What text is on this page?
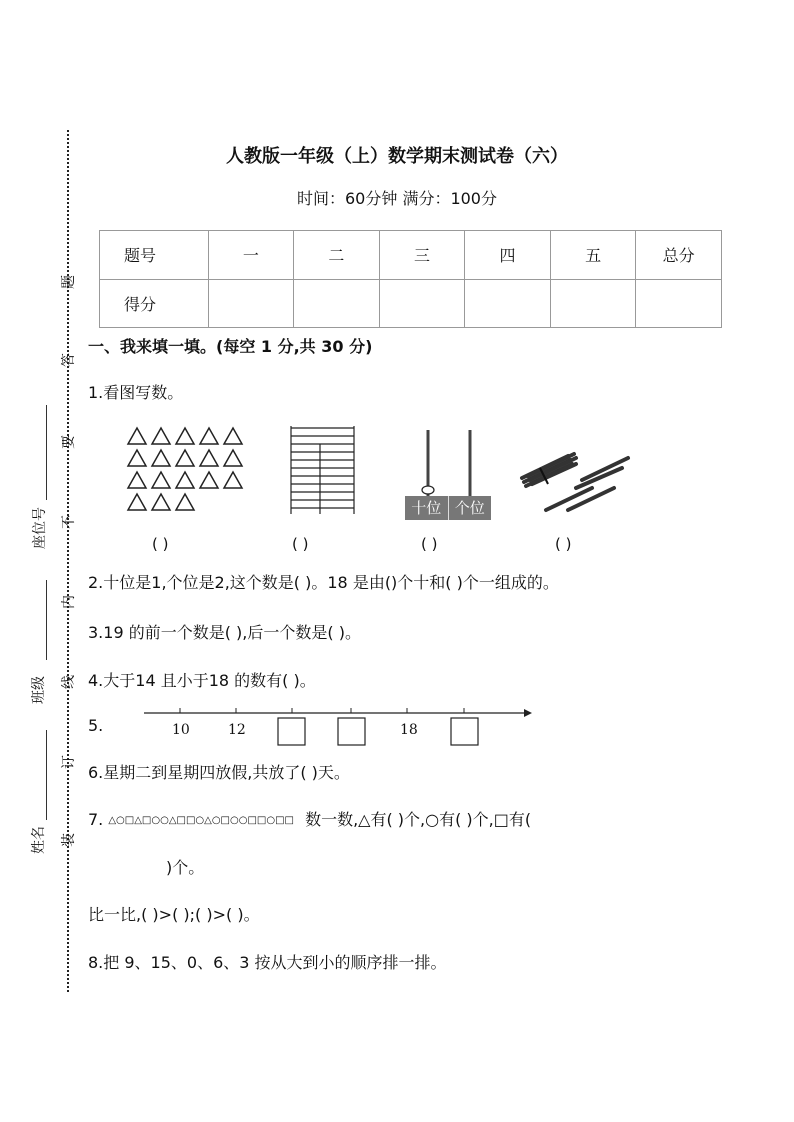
题
答
要
不
内
线
订
装
座位号
班级
姓名
人教版一年级（上）数学期末测试卷（六）
时间：60分钟 满分：100分
题号	一	二	三	四	五	总分
得分						
一、我来填一填。(每空 1 分,共 30 分)
1.看图写数。
十位 个位
( )	( )	( )	( )
2.十位是1,个位是2,这个数是( )。18 是由()个十和( )个一组成的。
3.19 的前一个数是( ),后一个数是( )。
4.大于14 且小于18 的数有( )。
5.	10	12	18
6.星期二到星期四放假,共放了( )天。
7. △○□△□○○△□□○△○□○○□□○□□ 数一数,△有( )个,○有( )个,□有(
)个。
比一比,( )>( );( )>( )。
8.把 9、15、0、6、3 按从大到小的顺序排一排。
